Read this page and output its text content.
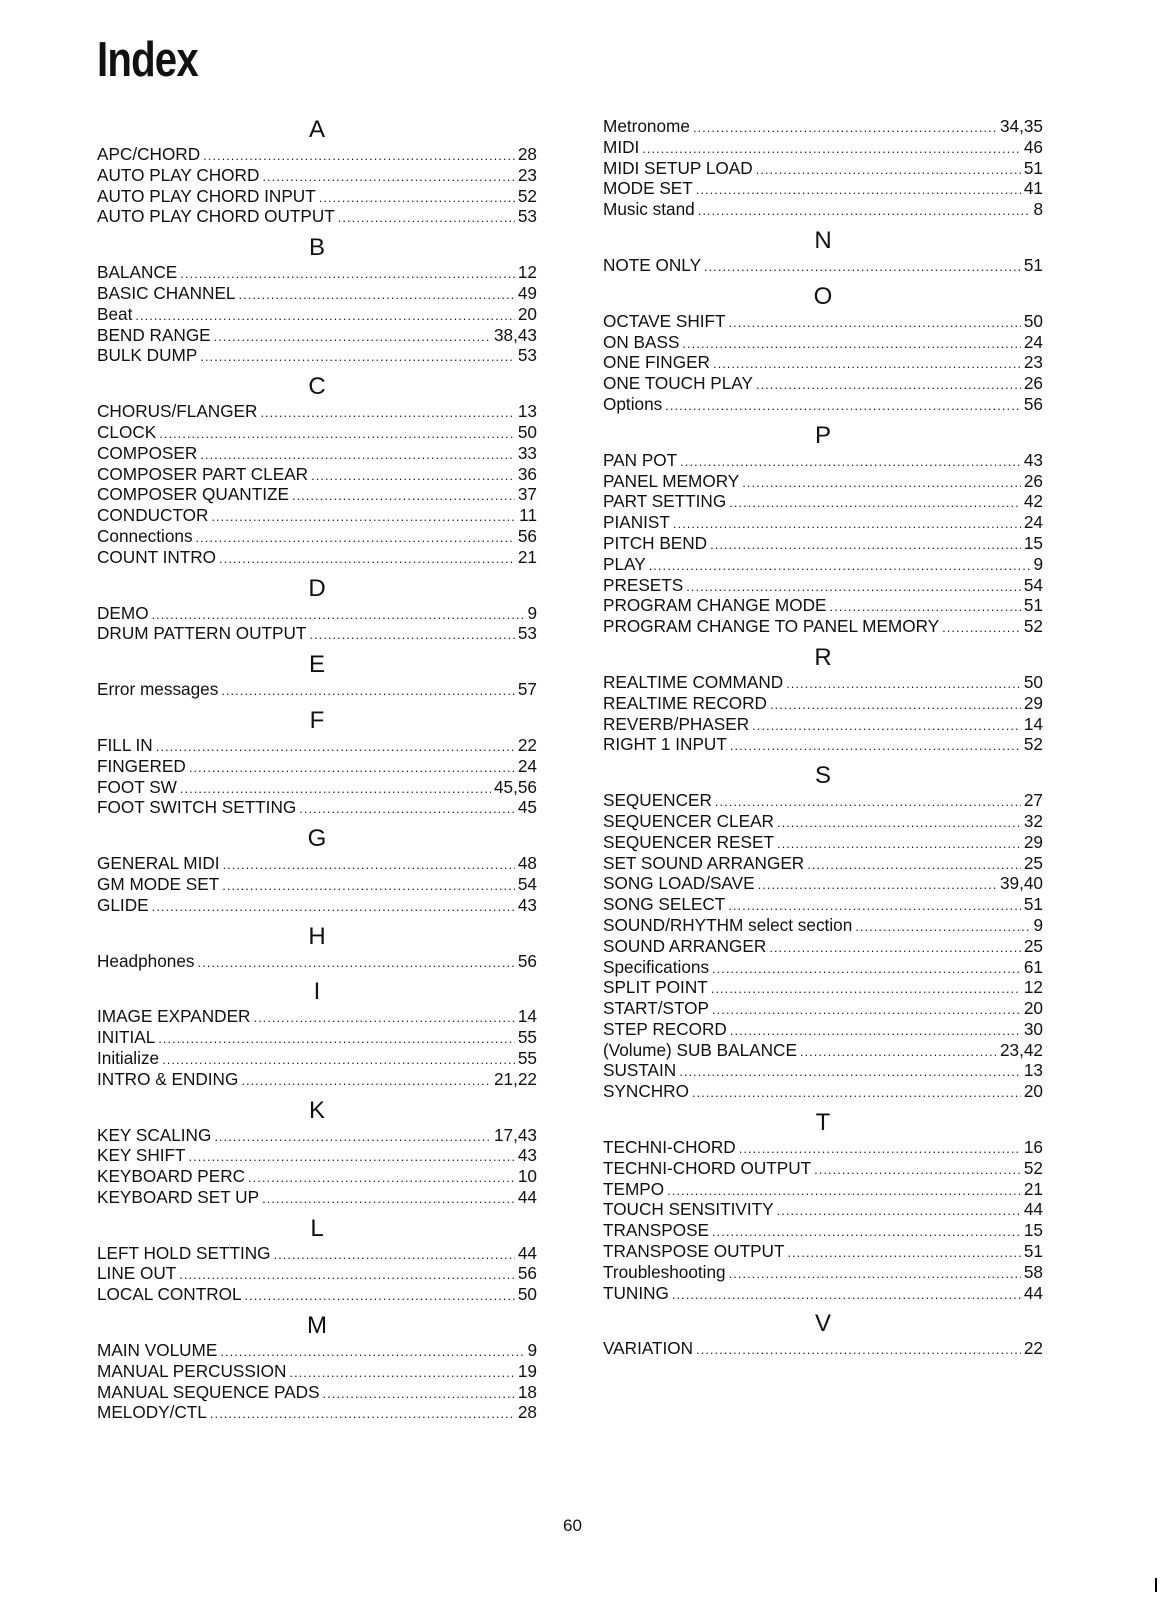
Index
A
APC/CHORD .....	28
AUTO PLAY CHORD .....	23
AUTO PLAY CHORD INPUT .....	52
AUTO PLAY CHORD OUTPUT .....	53
B
BALANCE .....	12
BASIC CHANNEL .....	49
Beat .....	20
BEND RANGE .....	38,43
BULK DUMP .....	53
C
CHORUS/FLANGER .....	13
CLOCK .....	50
COMPOSER .....	33
COMPOSER PART CLEAR .....	36
COMPOSER QUANTIZE .....	37
CONDUCTOR .....	11
Connections .....	56
COUNT INTRO .....	21
D
DEMO .....	9
DRUM PATTERN OUTPUT .....	53
E
Error messages .....	57
F
FILL IN .....	22
FINGERED .....	24
FOOT SW .....	45,56
FOOT SWITCH SETTING .....	45
G
GENERAL MIDI .....	48
GM MODE SET .....	54
GLIDE .....	43
H
Headphones .....	56
I
IMAGE EXPANDER .....	14
INITIAL .....	55
Initialize .....	55
INTRO & ENDING .....	21,22
K
KEY SCALING .....	17,43
KEY SHIFT .....	43
KEYBOARD PERC .....	10
KEYBOARD SET UP .....	44
L
LEFT HOLD SETTING .....	44
LINE OUT .....	56
LOCAL CONTROL .....	50
M
MAIN VOLUME .....	9
MANUAL PERCUSSION .....	19
MANUAL SEQUENCE PADS .....	18
MELODY/CTL .....	28
Metronome .....	34,35
MIDI .....	46
MIDI SETUP LOAD .....	51
MODE SET .....	41
Music stand .....	8
N
NOTE ONLY .....	51
O
OCTAVE SHIFT .....	50
ON BASS .....	24
ONE FINGER .....	23
ONE TOUCH PLAY .....	26
Options .....	56
P
PAN POT .....	43
PANEL MEMORY .....	26
PART SETTING .....	42
PIANIST .....	24
PITCH BEND .....	15
PLAY .....	9
PRESETS .....	54
PROGRAM CHANGE MODE .....	51
PROGRAM CHANGE TO PANEL MEMORY .....	52
R
REALTIME COMMAND .....	50
REALTIME RECORD .....	29
REVERB/PHASER .....	14
RIGHT 1 INPUT .....	52
S
SEQUENCER .....	27
SEQUENCER CLEAR .....	32
SEQUENCER RESET .....	29
SET SOUND ARRANGER .....	25
SONG LOAD/SAVE .....	39,40
SONG SELECT .....	51
SOUND/RHYTHM select section .....	9
SOUND ARRANGER .....	25
Specifications .....	61
SPLIT POINT .....	12
START/STOP .....	20
STEP RECORD .....	30
(Volume) SUB BALANCE .....	23,42
SUSTAIN .....	13
SYNCHRO .....	20
T
TECHNI-CHORD .....	16
TECHNI-CHORD OUTPUT .....	52
TEMPO .....	21
TOUCH SENSITIVITY .....	44
TRANSPOSE .....	15
TRANSPOSE OUTPUT .....	51
Troubleshooting .....	58
TUNING .....	44
V
VARIATION .....	22
60
